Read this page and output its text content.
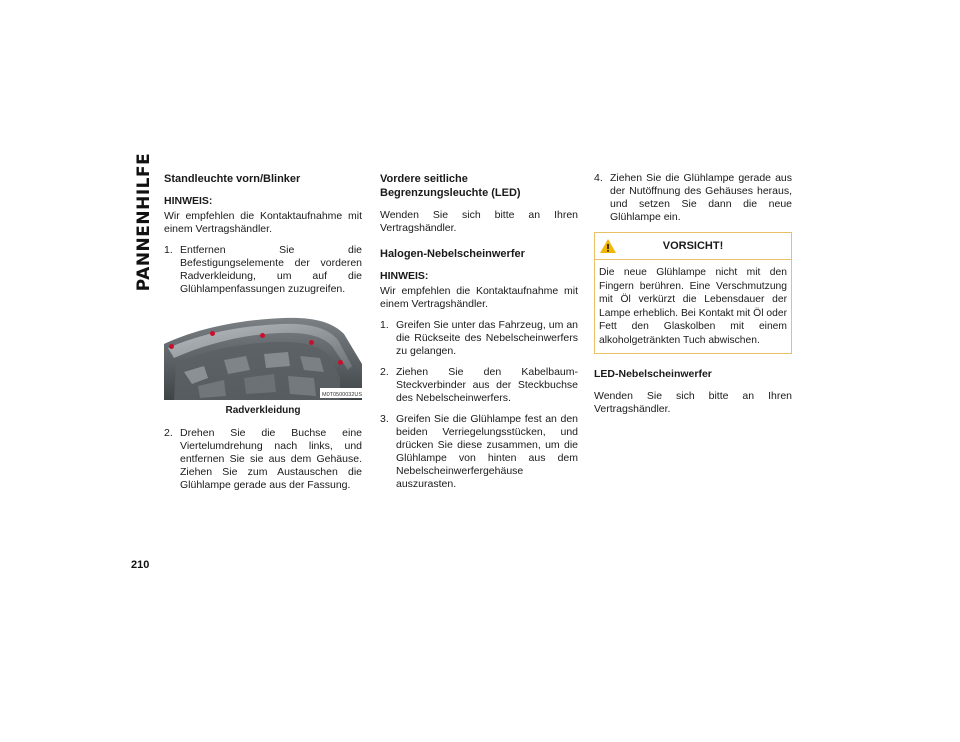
PANNENHILFE Standleuchte vorn/Blinker
HINWEIS:

Wir empfehlen die Kontaktaufnahme mit einem Vertragshändler.

1. Entfernen Sie die Befestigungselemente der vorderen Radverkleidung, um auf die Glühlampenfassungen zuzugreifen.
M0T0500032US
Radverkleidung
2. Drehen Sie die Buchse eine Viertelumdrehung nach links, und entfernen Sie sie aus dem Gehäuse. Ziehen Sie zum Austauschen die Glühlampe gerade aus der Fassung.
Vordere seitliche Begrenzungsleuchte (LED)

Wenden Sie sich bitte an Ihren Vertragshändler.

Halogen-Nebelscheinwerfer
HINWEIS:

Wir empfehlen die Kontaktaufnahme mit einem Vertragshändler.

1. Greifen Sie unter das Fahrzeug, um an die Rückseite des Nebelscheinwerfers zu gelangen.
2. Ziehen Sie den Kabelbaum-Steckverbinder aus der Steckbuchse des Nebelscheinwerfers.
3. Greifen Sie die Glühlampe fest an den beiden Verriegelungsstücken, und drücken Sie diese zusammen, um die Glühlampe von hinten aus dem Nebelscheinwerfergehäuse auszurasten.
4. Ziehen Sie die Glühlampe gerade aus der Nutöffnung des Gehäuses heraus, und setzen Sie dann die neue Glühlampe ein.
VORSICHT!
Die neue Glühlampe nicht mit den Fingern berühren. Eine Verschmutzung mit Öl verkürzt die Lebensdauer der Lampe erheblich. Bei Kontakt mit Öl oder Fett den Glaskolben mit einem alkoholgetränkten Tuch abwischen.
LED-Nebelscheinwerfer

Wenden Sie sich bitte an Ihren Vertragshändler.

210
